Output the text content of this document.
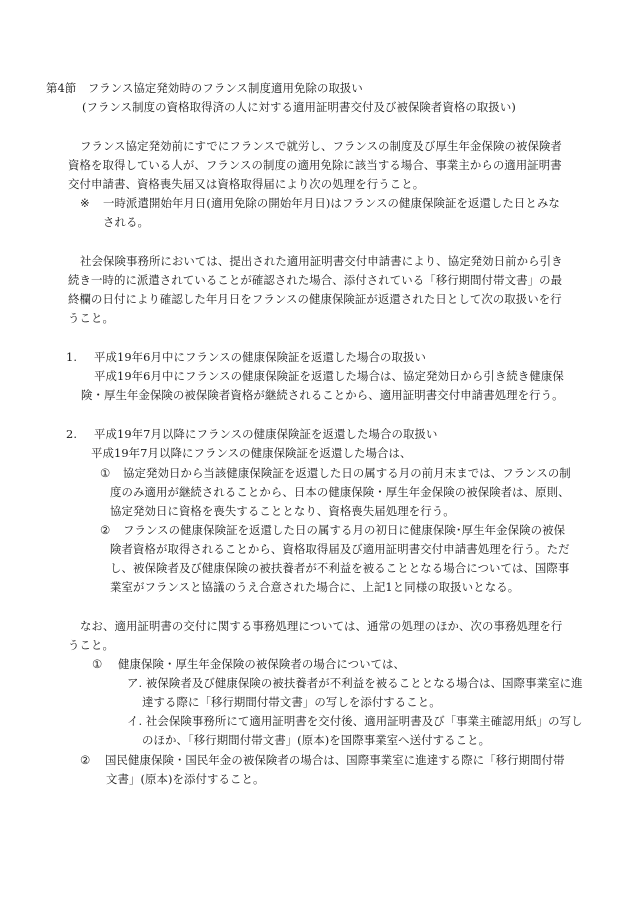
第4節　フランス協定発効時のフランス制度適用免除の取扱い
(フランス制度の資格取得済の人に対する適用証明書交付及び被保険者資格の取扱い)
フランス協定発効前にすでにフランスで就労し、フランスの制度及び厚生年金保険の被保険者
資格を取得している人が、フランスの制度の適用免除に該当する場合、事業主からの適用証明書
交付申請書、資格喪失届又は資格取得届により次の処理を行うこと。
※ 一時派遣開始年月日(適用免除の開始年月日)はフランスの健康保険証を返還した日とみな
される。
社会保険事務所においては、提出された適用証明書交付申請書により、協定発効日前から引き
続き一時的に派遣されていることが確認された場合、添付されている「移行期間付帯文書」の最
終欄の日付により確認した年月日をフランスの健康保険証が返還された日として次の取扱いを行
うこと。
1. 平成19年6月中にフランスの健康保険証を返還した場合の取扱い
平成19年6月中にフランスの健康保険証を返還した場合は、協定発効日から引き続き健康保
険・厚生年金保険の被保険者資格が継続されることから、適用証明書交付申請書処理を行う。
2. 平成19年7月以降にフランスの健康保険証を返還した場合の取扱い
平成19年7月以降にフランスの健康保険証を返還した場合は、
① 協定発効日から当該健康保険証を返還した日の属する月の前月末までは、フランスの制
度のみ適用が継続されることから、日本の健康保険・厚生年金保険の被保険者は、原則、
協定発効日に資格を喪失することとなり、資格喪失届処理を行う。
② フランスの健康保険証を返還した日の属する月の初日に健康保険･厚生年金保険の被保
険者資格が取得されることから、資格取得届及び適用証明書交付申請書処理を行う。ただ
し、被保険者及び健康保険の被扶養者が不利益を被ることとなる場合については、国際事
業室がフランスと協議のうえ合意された場合に、上記1と同様の取扱いとなる。
なお、適用証明書の交付に関する事務処理については、通常の処理のほか、次の事務処理を行
うこと。
① 健康保険・厚生年金保険の被保険者の場合については、
ア. 被保険者及び健康保険の被扶養者が不利益を被ることとなる場合は、国際事業室に進
達する際に「移行期間付帯文書」の写しを添付すること。
イ. 社会保険事務所にて適用証明書を交付後、適用証明書及び「事業主確認用紙」の写し
のほか、「移行期間付帯文書」(原本)を国際事業室へ送付すること。
② 国民健康保険・国民年金の被保険者の場合は、国際事業室に進達する際に「移行期間付帯
文書」(原本)を添付すること。
